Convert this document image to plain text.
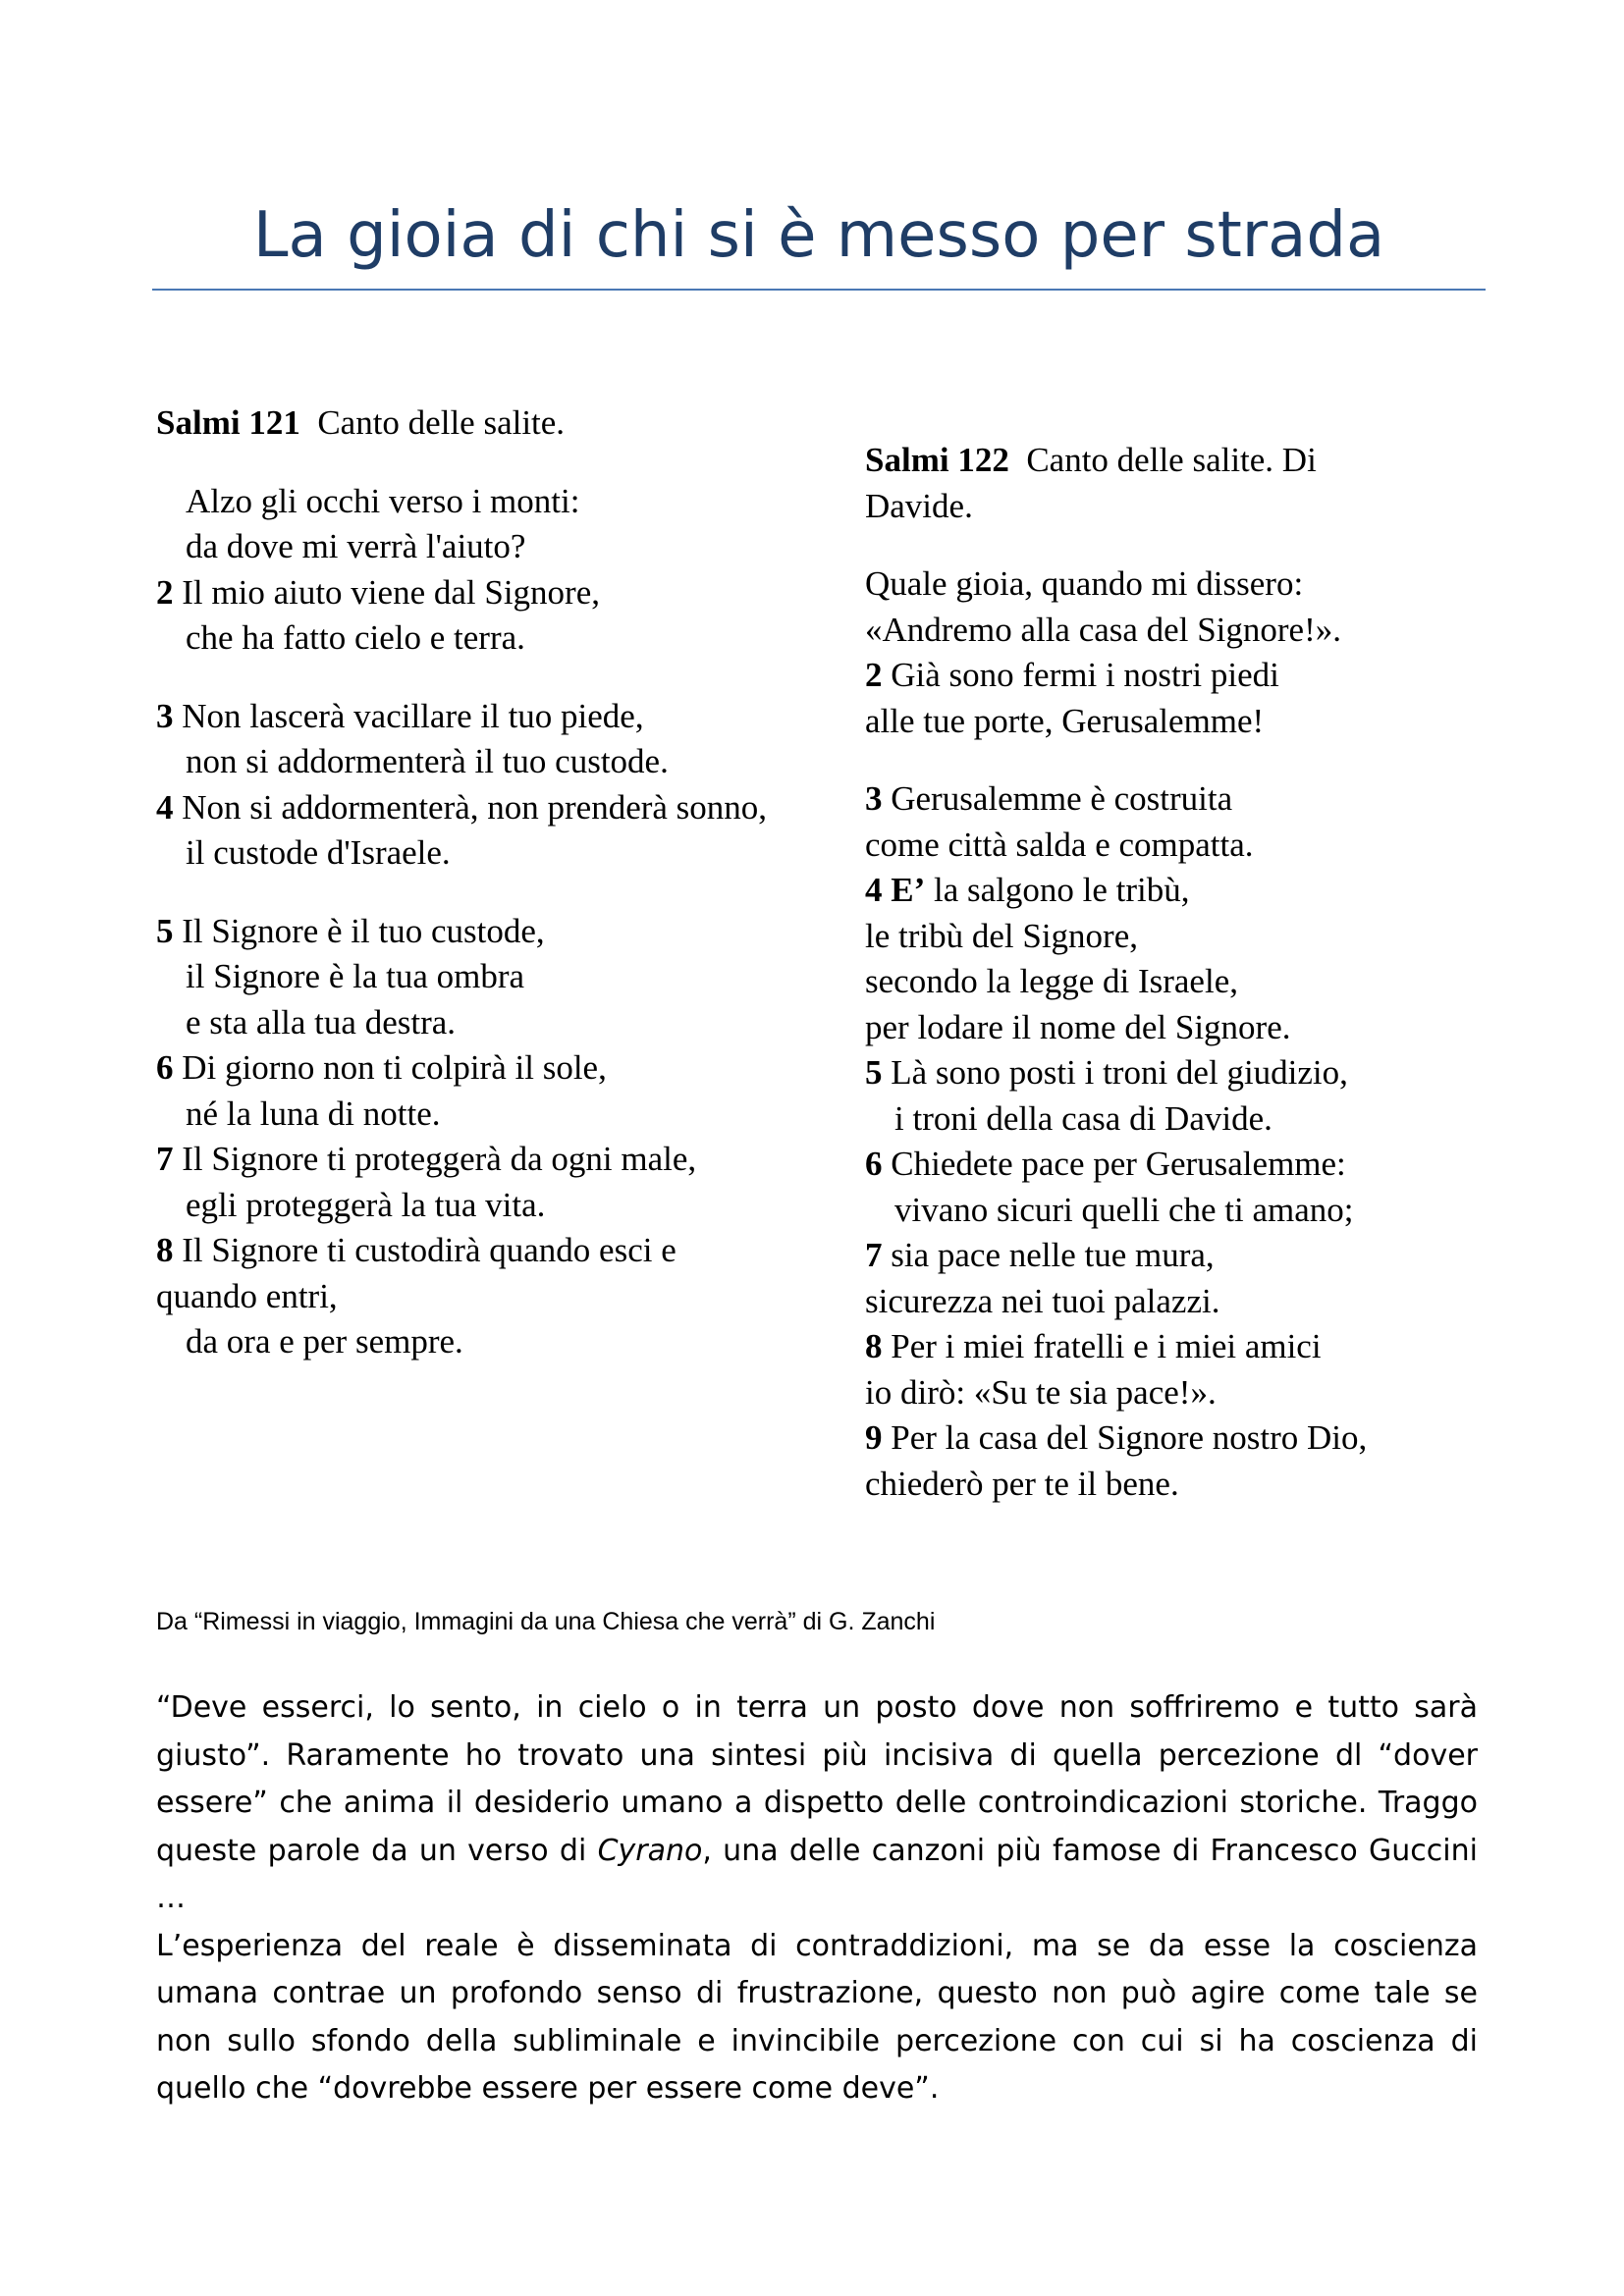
La gioia di chi si è messo per strada
Salmi 121 Canto delle salite.
Alzo gli occhi verso i monti:
da dove mi verrà l'aiuto?
2 Il mio aiuto viene dal Signore,
che ha fatto cielo e terra.
3 Non lascerà vacillare il tuo piede,
non si addormenterà il tuo custode.
4 Non si addormenterà, non prenderà sonno,
il custode d'Israele.
5 Il Signore è il tuo custode,
il Signore è la tua ombra
e sta alla tua destra.
6 Di giorno non ti colpirà il sole,
né la luna di notte.
7 Il Signore ti proteggerà da ogni male,
egli proteggerà la tua vita.
8 Il Signore ti custodirà quando esci e quando entri,
da ora e per sempre.
Salmi 122 Canto delle salite. Di Davide.
Quale gioia, quando mi dissero:
«Andremo alla casa del Signore!».
2 Già sono fermi i nostri piedi
alle tue porte, Gerusalemme!
3 Gerusalemme è costruita
come città salda e compatta.
4 E’ la salgono le tribù,
le tribù del Signore,
secondo la legge di Israele,
per lodare il nome del Signore.
5 Là sono posti i troni del giudizio,
i troni della casa di Davide.
6 Chiedete pace per Gerusalemme:
vivano sicuri quelli che ti amano;
7 sia pace nelle tue mura,
sicurezza nei tuoi palazzi.
8 Per i miei fratelli e i miei amici
io dirò: «Su te sia pace!».
9 Per la casa del Signore nostro Dio,
chiederò per te il bene.
Da “Rimessi in viaggio, Immagini da una Chiesa che verrà” di G. Zanchi

“Deve esserci, lo sento, in cielo o in terra un posto dove non soffriremo e tutto sarà giusto”. Raramente ho trovato una sintesi più incisiva di quella percezione dl “dover essere” che anima il desiderio umano a dispetto delle controindicazioni storiche. Traggo queste parole da un verso di Cyrano, una delle canzoni più famose di Francesco Guccini …

L’esperienza del reale è disseminata di contraddizioni, ma se da esse la coscienza umana contrae un profondo senso di frustrazione, questo non può agire come tale se non sullo sfondo della subliminale e invincibile percezione con cui si ha coscienza di quello che “dovrebbe essere per essere come deve”.
